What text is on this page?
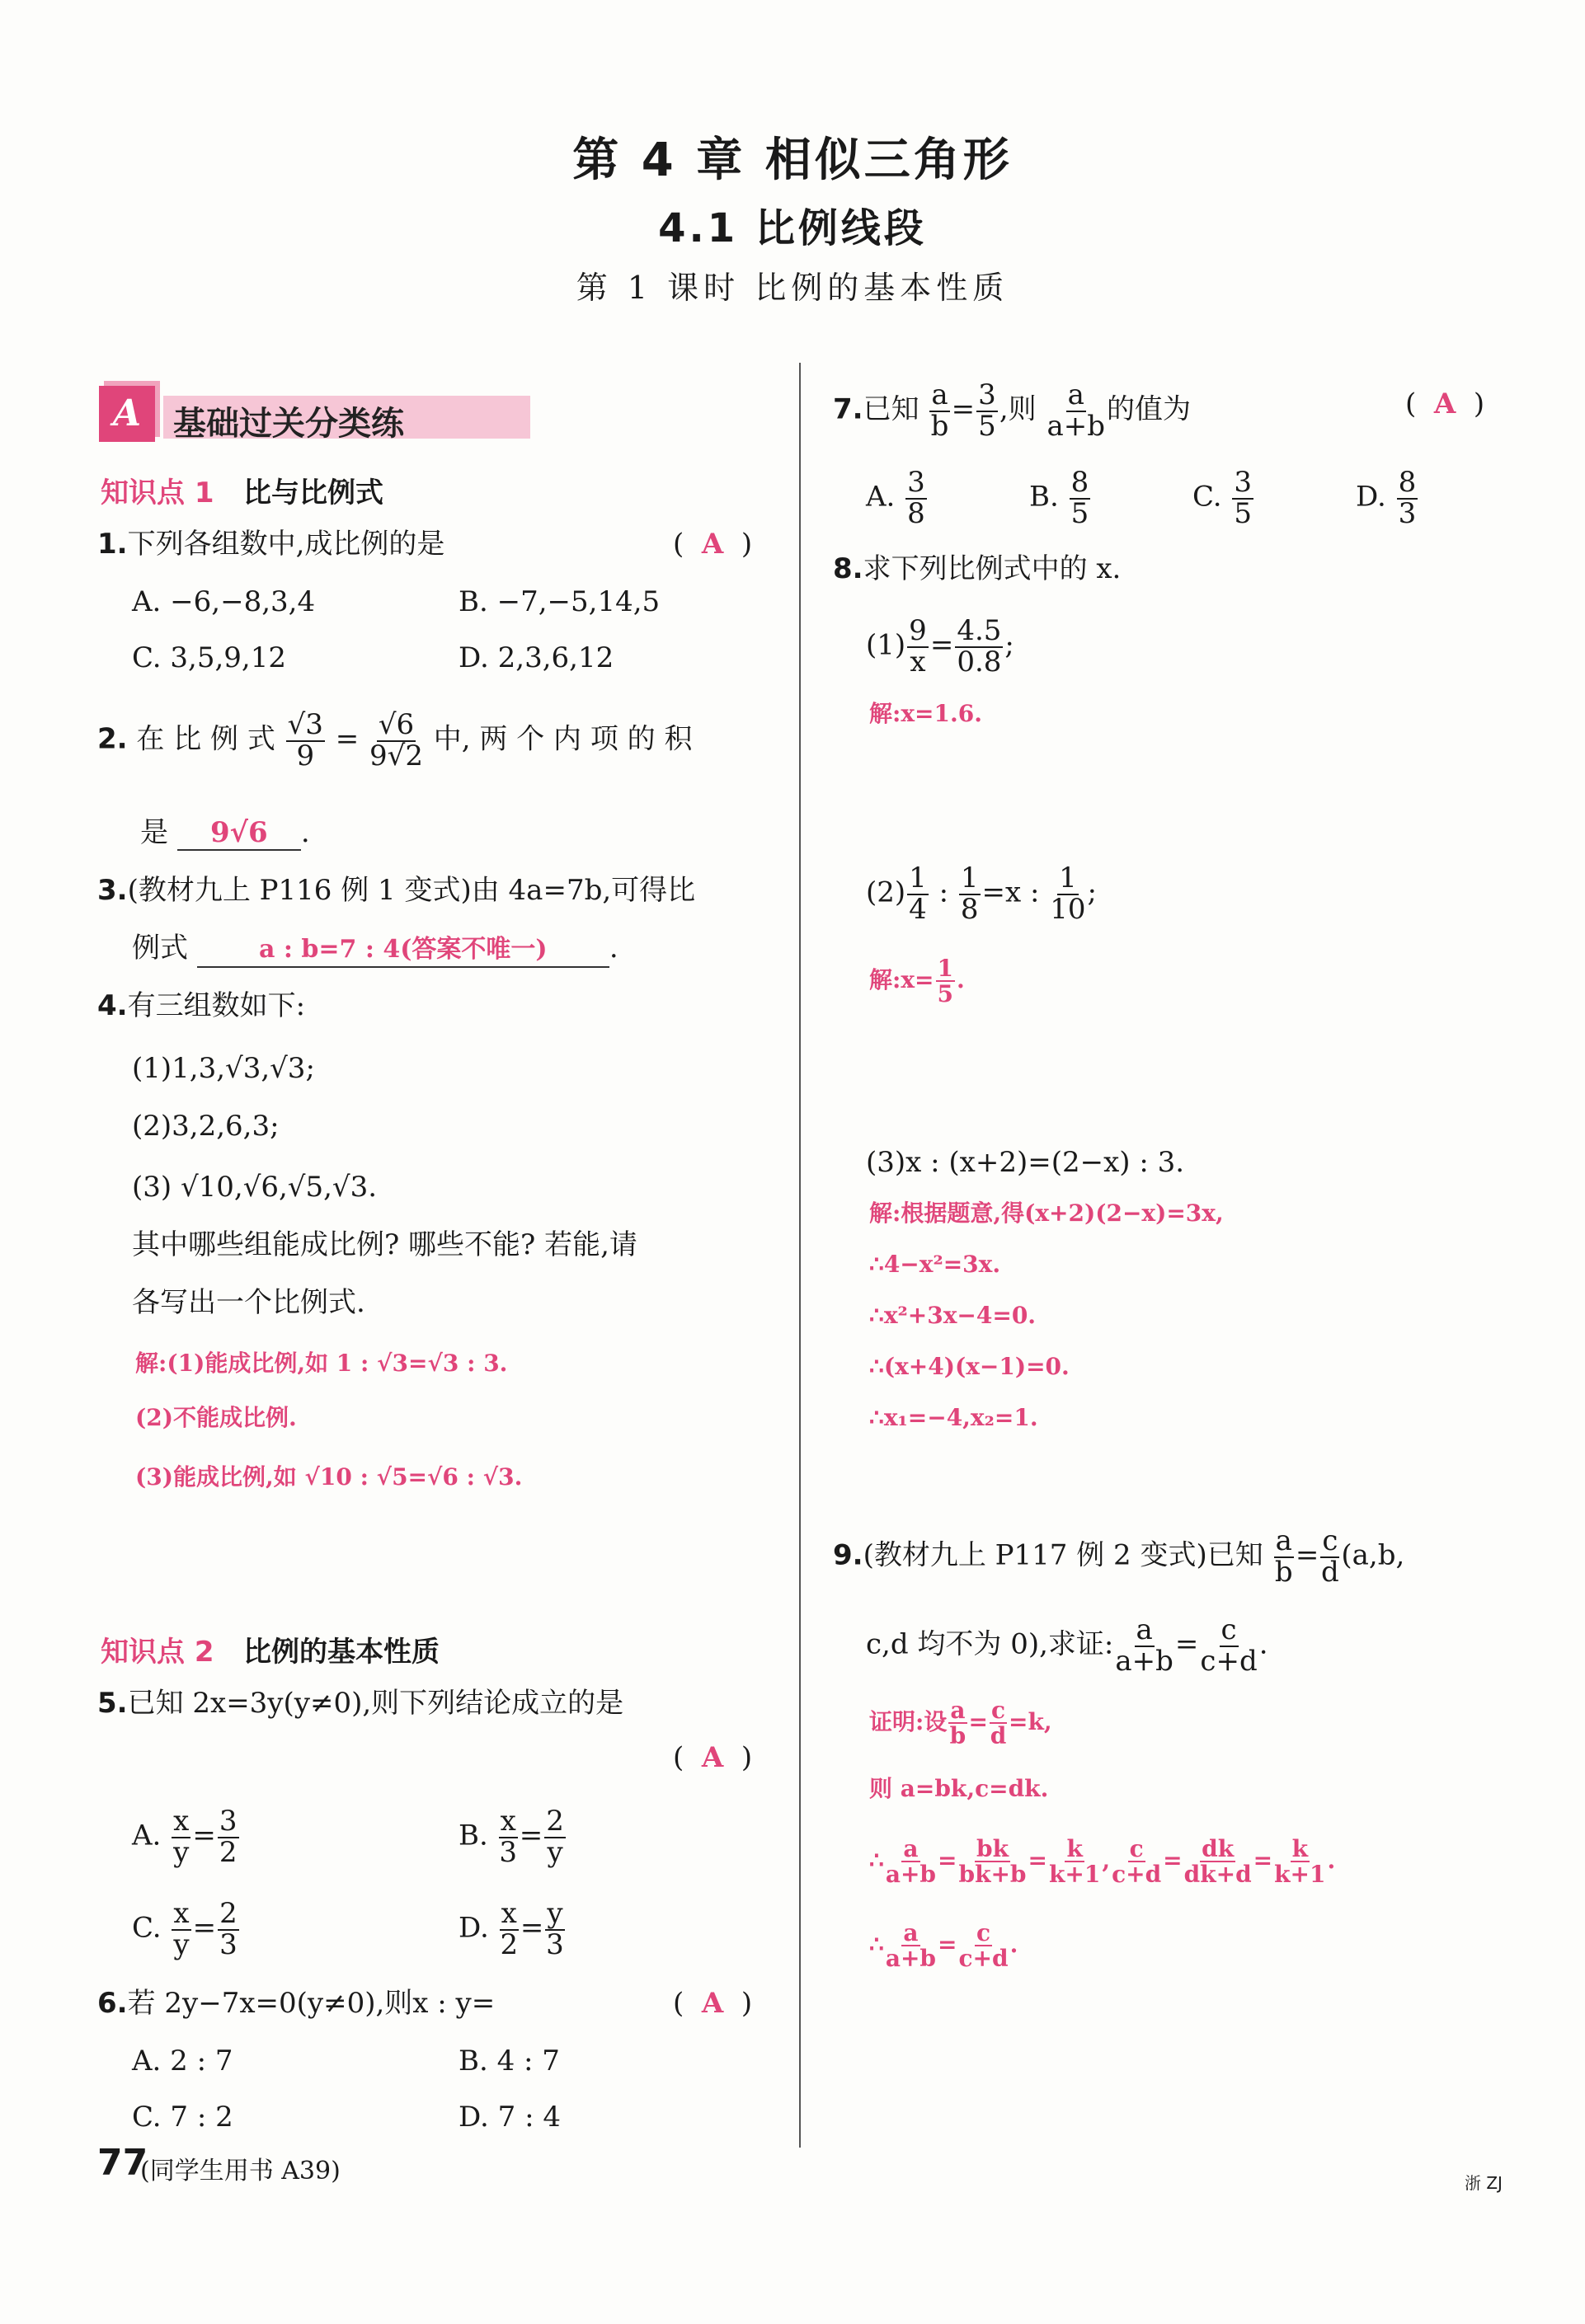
第 4 章 相似三角形
4.1 比例线段
第 1 课时 比例的基本性质
A 基础过关分类练
知识点 1 比与比例式
1.下列各组数中,成比例的是	(  A  )
A. −6,−8,3,4	B. −7,−5,14,5
C. 3,5,9,12	D. 2,3,6,12
2. 在 比 例 式 $\frac{√3}{9} = \frac{√6}{9√2}$ 中, 两 个 内 项 的 积
是 9√6 .
3.(教材九上 P116 例 1 变式)由 4a=7b,可得比
例式	a : b=7 : 4(答案不唯一) .
4.有三组数如下:
(1)1,3,√3,√3;
(2)3,2,6,3;
(3) √10,√6,√5,√3.
其中哪些组能成比例? 哪些不能? 若能,请
各写出一个比例式.
解:(1)能成比例,如 1 : √3=√3 : 3.
(2)不能成比例.
(3)能成比例,如 √10 : √5=√6 : √3.
知识点 2 比例的基本性质
5.已知 2x=3y(y≠0),则下列结论成立的是
(  A  )
A. $\frac{x}{y} = \frac{3}{2}$	B. $\frac{x}{3} = \frac{2}{y}$
C. $\frac{x}{y} = \frac{2}{3}$	D. $\frac{x}{2} = \frac{y}{3}$
6.若 2y−7x=0(y≠0),则x : y=	(  A  )
A. 2 : 7	B. 4 : 7
C. 7 : 2	D. 7 : 4
7.已知 $\frac{a}{b} = \frac{3}{5}$ ,则 $\frac{a}{a+b}$ 的值为	(  A  )
A. $\frac{3}{8}$	B. $\frac{8}{5}$	C. $\frac{3}{5}$	D. $\frac{8}{3}$
8.求下列比例式中的 x.
$(1) \frac{9}{x} = \frac{4.5}{0.8}$ ;
解:x=1.6.
$(2) \frac{1}{4}$ : $\frac{1}{8} =x$ : $\frac{1}{10}$ ;
解:x= $\frac{1}{5}$ .
(3)x : (x+2)=(2−x) : 3.
解:根据题意,得(x+2)(2−x)=3x,
∴4−x²=3x.
∴x²+3x−4=0.
∴(x+4)(x−1)=0.
∴x₁=−4,x₂=1.
9.(教材九上 P117 例 2 变式)已知 $\frac{a}{b} = \frac{c}{d} (a,b$,
c,d 均不为 0),求证: $\frac{a}{a+b} = \frac{c}{c+d}$ .
证明:设 $\frac{a}{b} = \frac{c}{d} =k$,
则 a=bk,c=dk.
∴ $\frac{a}{a+b} = \frac{bk}{bk+b} = \frac{k}{k+1}$ , $\frac{c}{c+d} = \frac{dk}{dk+d} = \frac{k}{k+1}$ .
∴ $\frac{a}{a+b} = \frac{c}{c+d}$ .
77
(同学生用书 A39)	浙 ZJ
